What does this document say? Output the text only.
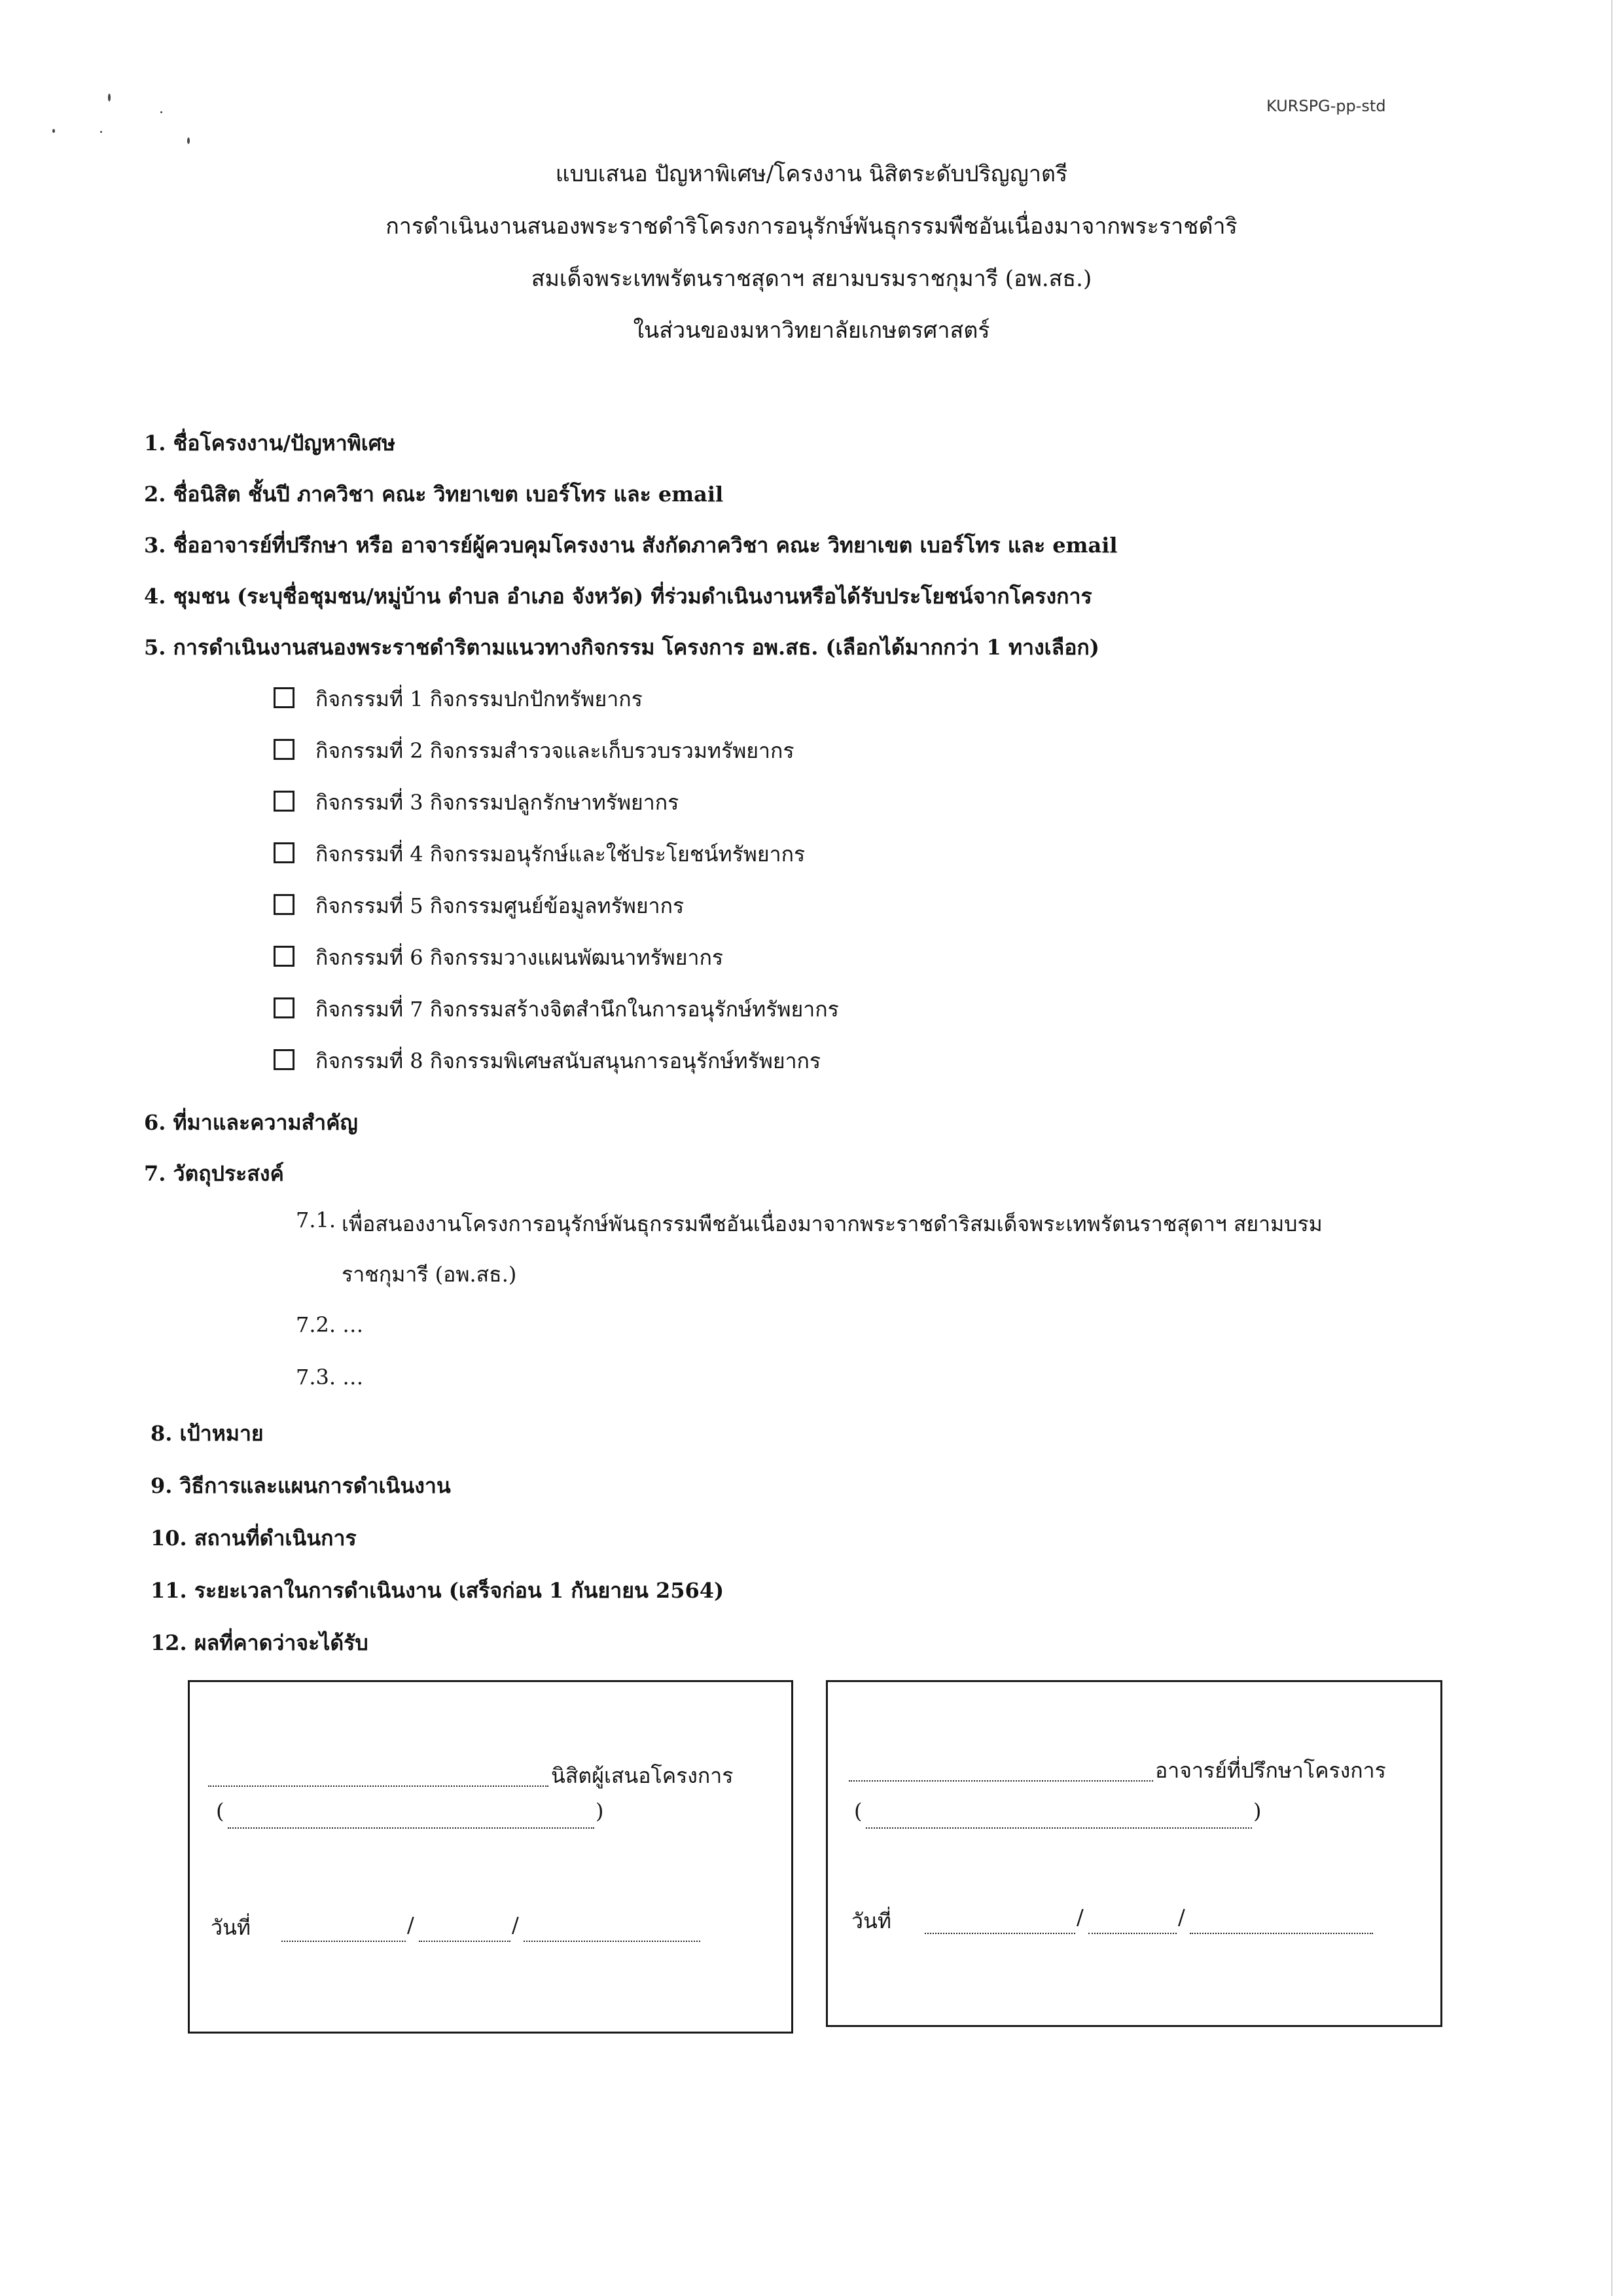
KURSPG-pp-std
แบบเสนอ ปัญหาพิเศษ/โครงงาน นิสิตระดับปริญญาตรี
การดำเนินงานสนองพระราชดำริโครงการอนุรักษ์พันธุกรรมพืชอันเนื่องมาจากพระราชดำริ
สมเด็จพระเทพรัตนราชสุดาฯ สยามบรมราชกุมารี (อพ.สธ.)
ในส่วนของมหาวิทยาลัยเกษตรศาสตร์
1. ชื่อโครงงาน/ปัญหาพิเศษ
2. ชื่อนิสิต ชั้นปี ภาควิชา คณะ วิทยาเขต เบอร์โทร และ email
3. ชื่ออาจารย์ที่ปรึกษา หรือ อาจารย์ผู้ควบคุมโครงงาน สังกัดภาควิชา คณะ วิทยาเขต เบอร์โทร และ email
4. ชุมชน (ระบุชื่อชุมชน/หมู่บ้าน ตำบล อำเภอ จังหวัด) ที่ร่วมดำเนินงานหรือได้รับประโยชน์จากโครงการ
5. การดำเนินงานสนองพระราชดำริตามแนวทางกิจกรรม โครงการ อพ.สธ. (เลือกได้มากกว่า 1 ทางเลือก)
กิจกรรมที่ 1 กิจกรรมปกปักทรัพยากร
กิจกรรมที่ 2 กิจกรรมสำรวจและเก็บรวบรวมทรัพยากร
กิจกรรมที่ 3 กิจกรรมปลูกรักษาทรัพยากร
กิจกรรมที่ 4 กิจกรรมอนุรักษ์และใช้ประโยชน์ทรัพยากร
กิจกรรมที่ 5 กิจกรรมศูนย์ข้อมูลทรัพยากร
กิจกรรมที่ 6 กิจกรรมวางแผนพัฒนาทรัพยากร
กิจกรรมที่ 7 กิจกรรมสร้างจิตสำนึกในการอนุรักษ์ทรัพยากร
กิจกรรมที่ 8 กิจกรรมพิเศษสนับสนุนการอนุรักษ์ทรัพยากร
6. ที่มาและความสำคัญ
7. วัตถุประสงค์
7.1. เพื่อสนองงานโครงการอนุรักษ์พันธุกรรมพืชอันเนื่องมาจากพระราชดำริสมเด็จพระเทพรัตนราชสุดาฯ สยามบรม
ราชกุมารี (อพ.สธ.)
7.2. …
7.3. …
8. เป้าหมาย
9. วิธีการและแผนการดำเนินงาน
10. สถานที่ดำเนินการ
11. ระยะเวลาในการดำเนินงาน (เสร็จก่อน 1 กันยายน 2564)
12. ผลที่คาดว่าจะได้รับ
นิสิตผู้เสนอโครงการ
(	)
วันที่	/	/
อาจารย์ที่ปรึกษาโครงการ
(	)
วันที่	/	/
